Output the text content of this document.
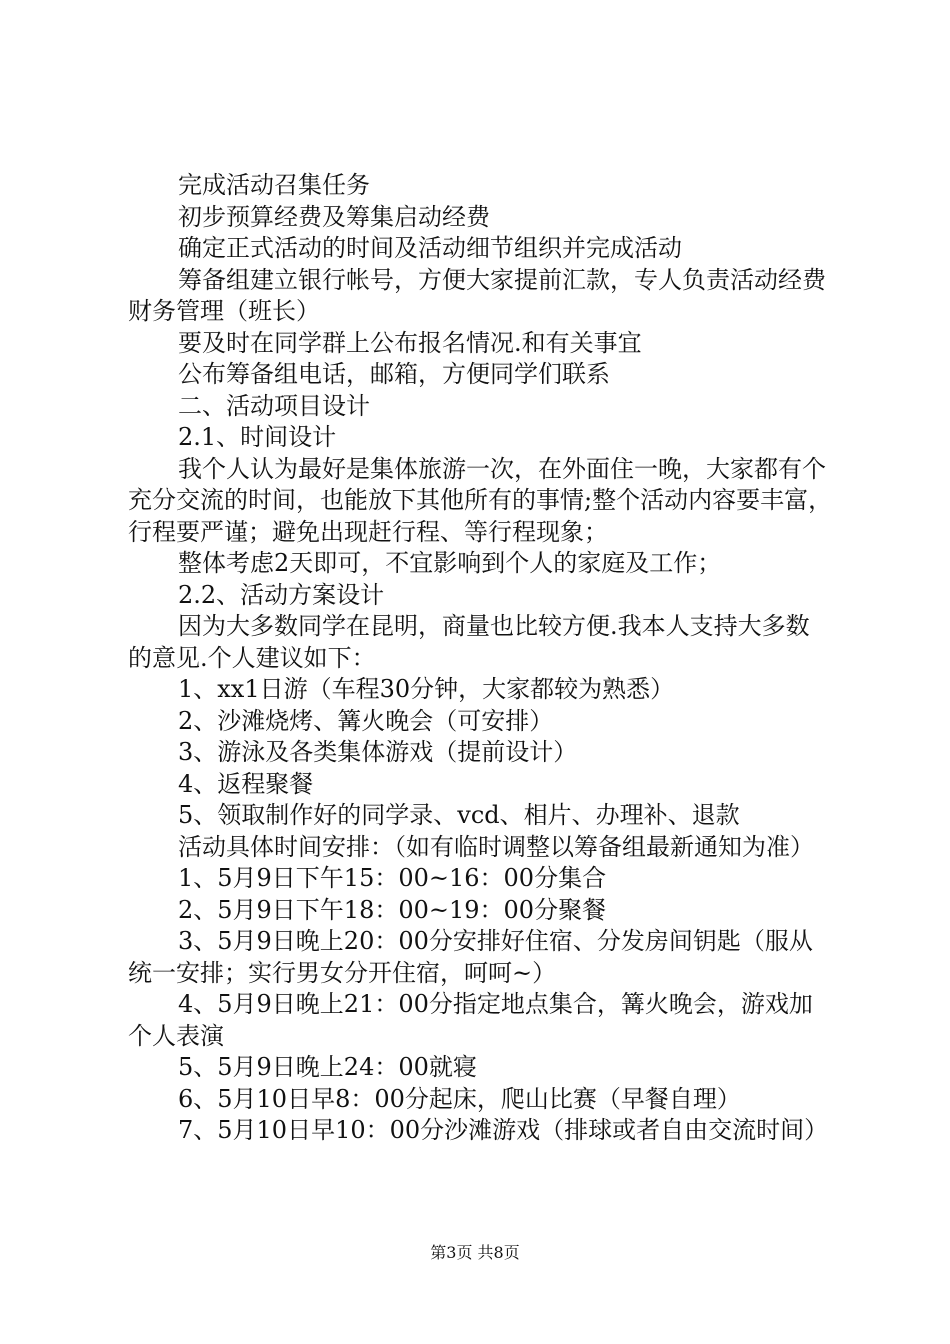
完成活动召集任务

初步预算经费及筹集启动经费

确定正式活动的时间及活动细节组织并完成活动

筹备组建立银行帐号，方便大家提前汇款，专人负责活动经费财务管理（班长）

要及时在同学群上公布报名情况.和有关事宜

公布筹备组电话，邮箱，方便同学们联系

二、活动项目设计

2.1、时间设计

我个人认为最好是集体旅游一次，在外面住一晚，大家都有个充分交流的时间，也能放下其他所有的事情;整个活动内容要丰富，行程要严谨；避免出现赶行程、等行程现象；

整体考虑2天即可，不宜影响到个人的家庭及工作；

2.2、活动方案设计

因为大多数同学在昆明，商量也比较方便.我本人支持大多数的意见.个人建议如下：

1、xx1日游（车程30分钟，大家都较为熟悉）

2、沙滩烧烤、篝火晚会（可安排）

3、游泳及各类集体游戏（提前设计）

4、返程聚餐

5、领取制作好的同学录、vcd、相片、办理补、退款

活动具体时间安排：（如有临时调整以筹备组最新通知为准）

1、5月9日下午15：00~16：00分集合

2、5月9日下午18：00~19：00分聚餐

3、5月9日晚上20：00分安排好住宿、分发房间钥匙（服从统一安排；实行男女分开住宿，呵呵~）

4、5月9日晚上21：00分指定地点集合，篝火晚会，游戏加个人表演

5、5月9日晚上24：00就寝

6、5月10日早8：00分起床，爬山比赛（早餐自理）

7、5月10日早10：00分沙滩游戏（排球或者自由交流时间）

第3页 共8页
